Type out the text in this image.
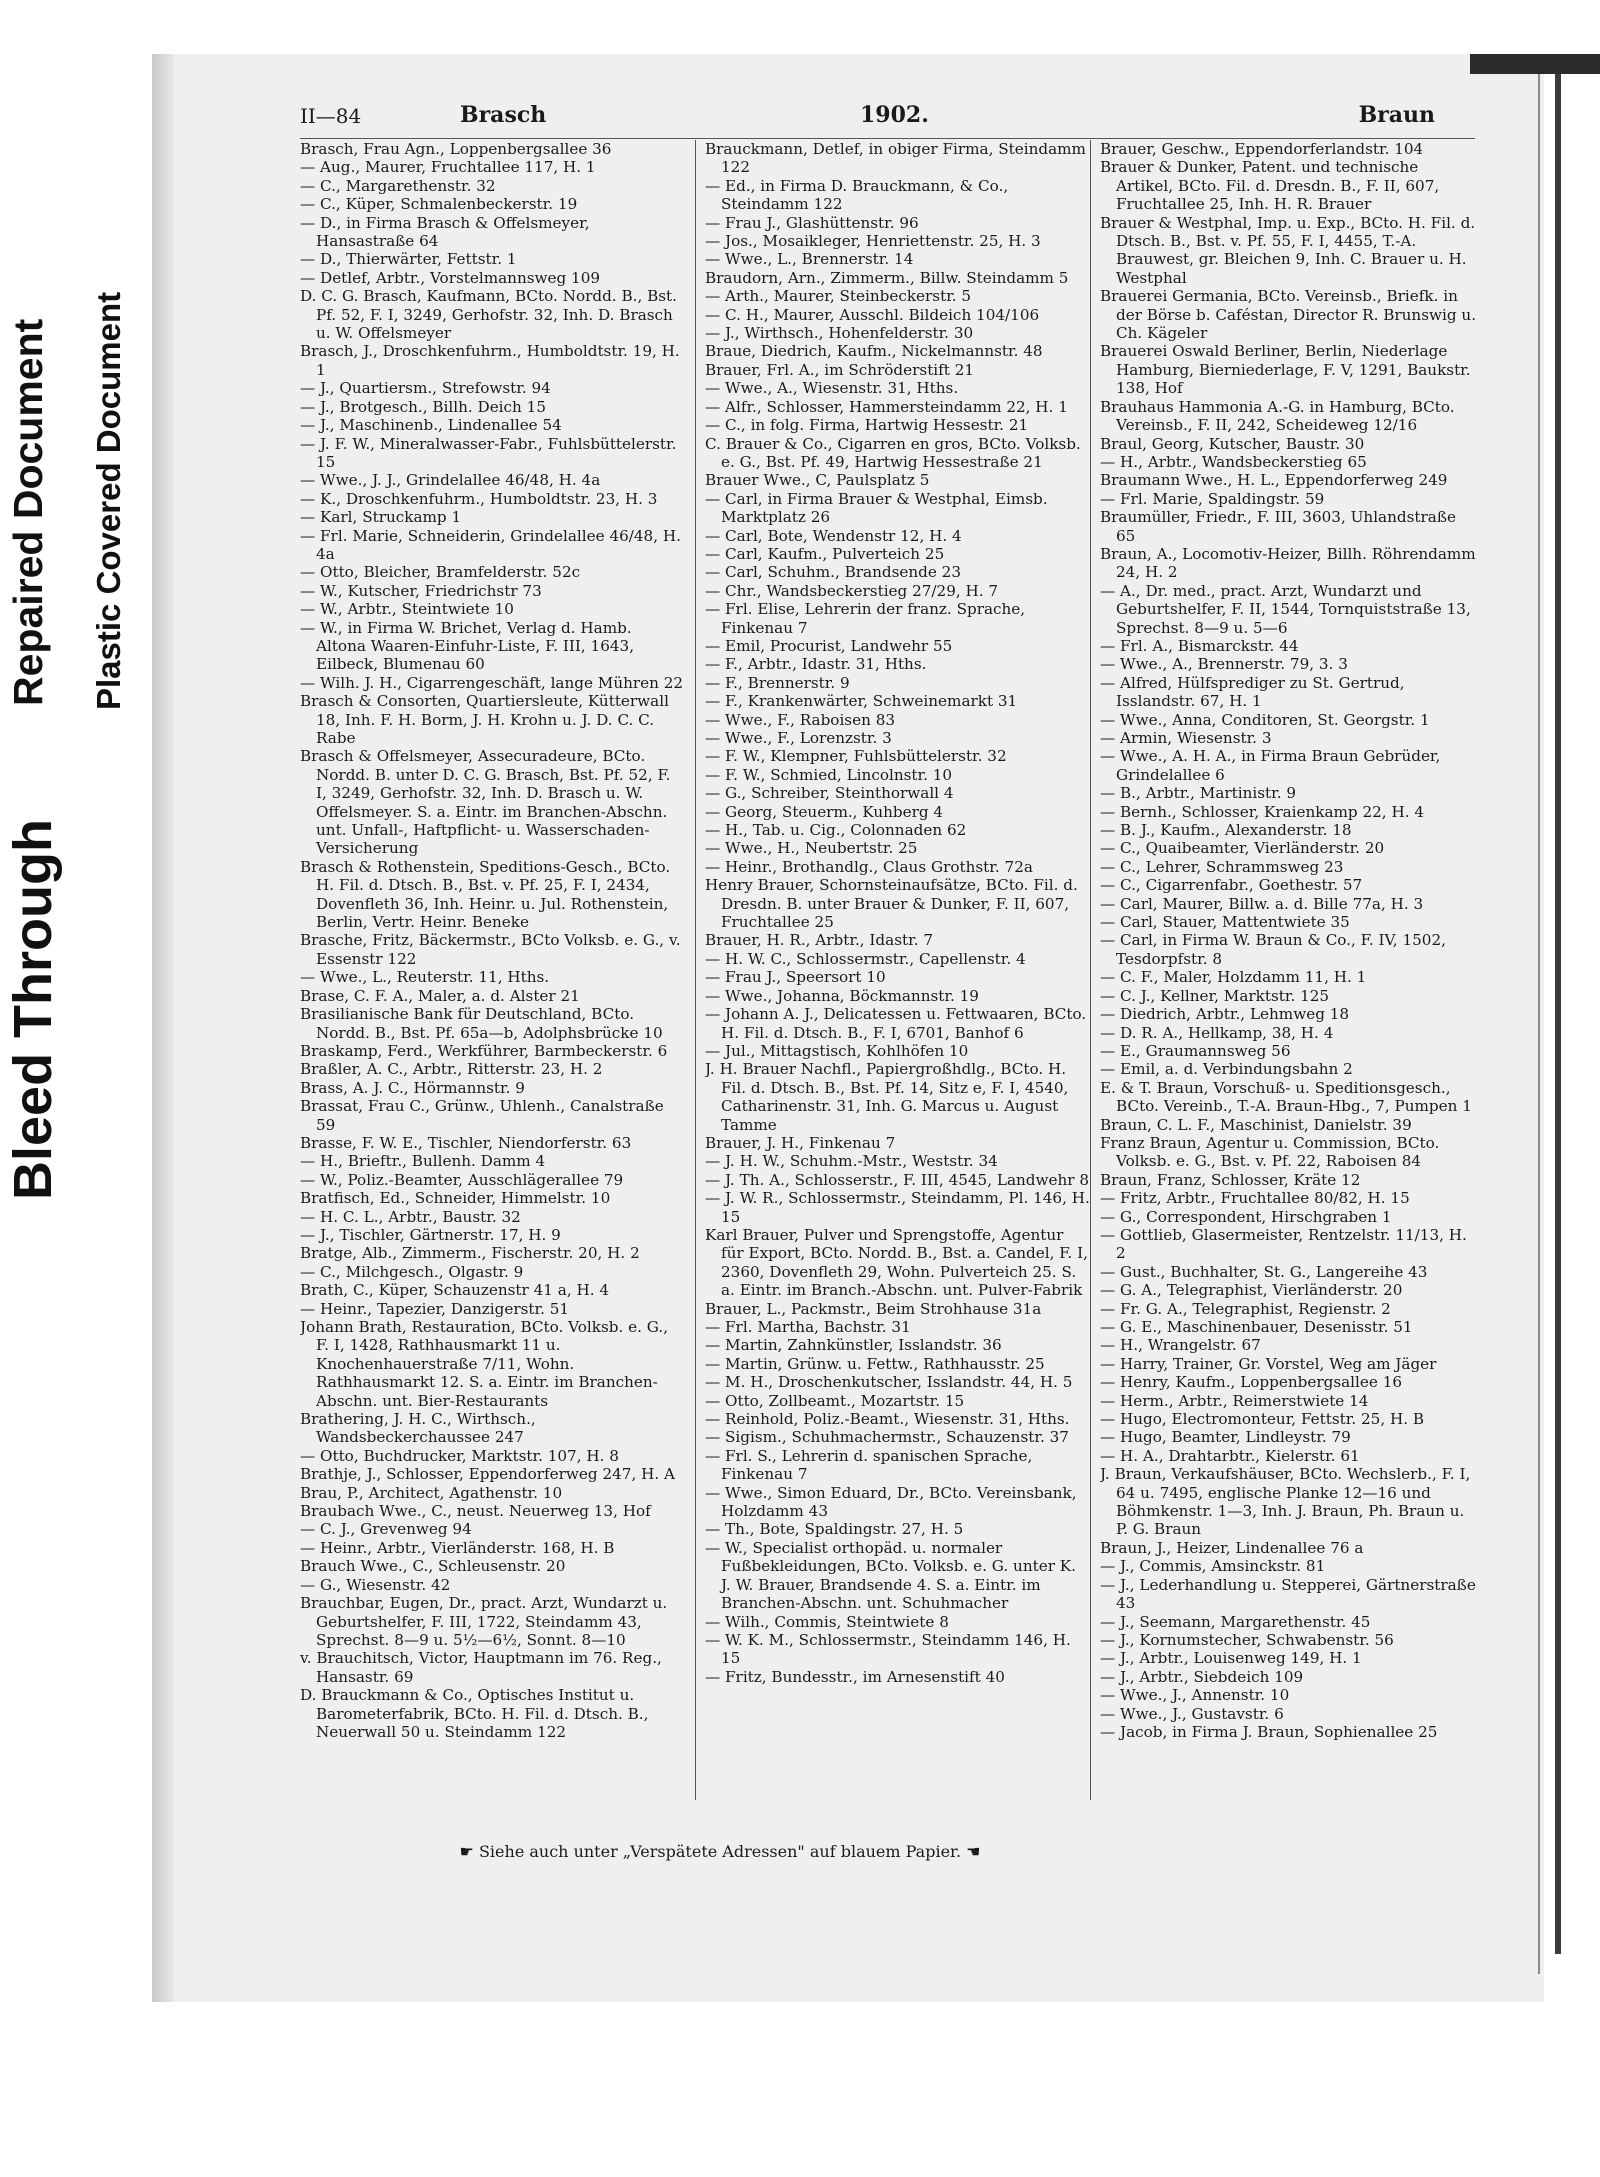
Bleed Through
Repaired Document Plastic Covered Document
II—84	Brasch	1902.	Braun

Brasch, Frau Agn., Loppenbergsallee 36

— Aug., Maurer, Fruchtallee 117, H. 1

— C., Margarethenstr. 32

— C., Küper, Schmalenbeckerstr. 19

— D., in Firma Brasch & Offelsmeyer, Hansastraße 64

— D., Thierwärter, Fettstr. 1

— Detlef, Arbtr., Vorstelmannsweg 109

D. C. G. Brasch, Kaufmann, BCto. Nordd. B., Bst. Pf. 52, F. I, 3249, Gerhofstr. 32, Inh. D. Brasch u. W. Offelsmeyer

Brasch, J., Droschkenfuhrm., Humboldtstr. 19, H. 1

— J., Quartiersm., Strefowstr. 94

— J., Brotgesch., Billh. Deich 15

— J., Maschinenb., Lindenallee 54

— J. F. W., Mineralwasser-Fabr., Fuhlsbüttelerstr. 15

— Wwe., J. J., Grindelallee 46/48, H. 4a

— K., Droschkenfuhrm., Humboldtstr. 23, H. 3

— Karl, Struckamp 1

— Frl. Marie, Schneiderin, Grindelallee 46/48, H. 4a

— Otto, Bleicher, Bramfelderstr. 52c

— W., Kutscher, Friedrichstr 73

— W., Arbtr., Steintwiete 10

— W., in Firma W. Brichet, Verlag d. Hamb. Altona Waaren-Einfuhr-Liste, F. III, 1643, Eilbeck, Blumenau 60

— Wilh. J. H., Cigarrengeschäft, lange Mühren 22

Brasch & Consorten, Quartiersleute, Kütterwall 18, Inh. F. H. Borm, J. H. Krohn u. J. D. C. C. Rabe

Brasch & Offelsmeyer, Assecuradeure, BCto. Nordd. B. unter D. C. G. Brasch, Bst. Pf. 52, F. I, 3249, Gerhofstr. 32, Inh. D. Brasch u. W. Offelsmeyer. S. a. Eintr. im Branchen-Abschn. unt. Unfall-, Haftpflicht- u. Wasserschaden-Versicherung

Brasch & Rothenstein, Speditions-Gesch., BCto. H. Fil. d. Dtsch. B., Bst. v. Pf. 25, F. I, 2434, Dovenfleth 36, Inh. Heinr. u. Jul. Rothenstein, Berlin, Vertr. Heinr. Beneke

Brasche, Fritz, Bäckermstr., BCto Volksb. e. G., v. Essenstr 122

— Wwe., L., Reuterstr. 11, Hths.

Brase, C. F. A., Maler, a. d. Alster 21

Brasilianische Bank für Deutschland, BCto. Nordd. B., Bst. Pf. 65a—b, Adolphsbrücke 10

Braskamp, Ferd., Werkführer, Barmbeckerstr. 6

Braßler, A. C., Arbtr., Ritterstr. 23, H. 2

Brass, A. J. C., Hörmannstr. 9

Brassat, Frau C., Grünw., Uhlenh., Canalstraße 59

Brasse, F. W. E., Tischler, Niendorferstr. 63

— H., Brieftr., Bullenh. Damm 4

— W., Poliz.-Beamter, Ausschlägerallee 79

Bratfisch, Ed., Schneider, Himmelstr. 10

— H. C. L., Arbtr., Baustr. 32

— J., Tischler, Gärtnerstr. 17, H. 9

Bratge, Alb., Zimmerm., Fischerstr. 20, H. 2

— C., Milchgesch., Olgastr. 9

Brath, C., Küper, Schauzenstr 41 a, H. 4

— Heinr., Tapezier, Danzigerstr. 51

Johann Brath, Restauration, BCto. Volksb. e. G., F. I, 1428, Rathhausmarkt 11 u. Knochenhauerstraße 7/11, Wohn. Rathhausmarkt 12. S. a. Eintr. im Branchen-Abschn. unt. Bier-Restaurants

Brathering, J. H. C., Wirthsch., Wandsbeckerchaussee 247

— Otto, Buchdrucker, Marktstr. 107, H. 8

Brathje, J., Schlosser, Eppendorferweg 247, H. A

Brau, P., Architect, Agathenstr. 10

Braubach Wwe., C., neust. Neuerweg 13, Hof

— C. J., Grevenweg 94

— Heinr., Arbtr., Vierländerstr. 168, H. B

Brauch Wwe., C., Schleusenstr. 20

— G., Wiesenstr. 42

Brauchbar, Eugen, Dr., pract. Arzt, Wundarzt u. Geburtshelfer, F. III, 1722, Steindamm 43, Sprechst. 8—9 u. 5½—6½, Sonnt. 8—10

v. Brauchitsch, Victor, Hauptmann im 76. Reg., Hansastr. 69

D. Brauckmann & Co., Optisches Institut u. Barometerfabrik, BCto. H. Fil. d. Dtsch. B., Neuerwall 50 u. Steindamm 122

Brauckmann, Detlef, in obiger Firma, Steindamm 122

— Ed., in Firma D. Brauckmann, & Co., Steindamm 122

— Frau J., Glashüttenstr. 96

— Jos., Mosaikleger, Henriettenstr. 25, H. 3

— Wwe., L., Brennerstr. 14

Braudorn, Arn., Zimmerm., Billw. Steindamm 5

— Arth., Maurer, Steinbeckerstr. 5

— C. H., Maurer, Ausschl. Bildeich 104/106

— J., Wirthsch., Hohenfelderstr. 30

Braue, Diedrich, Kaufm., Nickelmannstr. 48

Brauer, Frl. A., im Schröderstift 21

— Wwe., A., Wiesenstr. 31, Hths.

— Alfr., Schlosser, Hammersteindamm 22, H. 1

— C., in folg. Firma, Hartwig Hessestr. 21

C. Brauer & Co., Cigarren en gros, BCto. Volksb. e. G., Bst. Pf. 49, Hartwig Hessestraße 21

Brauer Wwe., C, Paulsplatz 5

— Carl, in Firma Brauer & Westphal, Eimsb. Marktplatz 26

— Carl, Bote, Wendenstr 12, H. 4

— Carl, Kaufm., Pulverteich 25

— Carl, Schuhm., Brandsende 23

— Chr., Wandsbeckerstieg 27/29, H. 7

— Frl. Elise, Lehrerin der franz. Sprache, Finkenau 7

— Emil, Procurist, Landwehr 55

— F., Arbtr., Idastr. 31, Hths.

— F., Brennerstr. 9

— F., Krankenwärter, Schweinemarkt 31

— Wwe., F., Raboisen 83

— Wwe., F., Lorenzstr. 3

— F. W., Klempner, Fuhlsbüttelerstr. 32

— F. W., Schmied, Lincolnstr. 10

— G., Schreiber, Steinthorwall 4

— Georg, Steuerm., Kuhberg 4

— H., Tab. u. Cig., Colonnaden 62

— Wwe., H., Neubertstr. 25

— Heinr., Brothandlg., Claus Grothstr. 72a

Henry Brauer, Schornsteinaufsätze, BCto. Fil. d. Dresdn. B. unter Brauer & Dunker, F. II, 607, Fruchtallee 25

Brauer, H. R., Arbtr., Idastr. 7

— H. W. C., Schlossermstr., Capellenstr. 4

— Frau J., Speersort 10

— Wwe., Johanna, Böckmannstr. 19

— Johann A. J., Delicatessen u. Fettwaaren, BCto. H. Fil. d. Dtsch. B., F. I, 6701, Banhof 6

— Jul., Mittagstisch, Kohlhöfen 10

J. H. Brauer Nachfl., Papiergroßhdlg., BCto. H. Fil. d. Dtsch. B., Bst. Pf. 14, Sitz e, F. I, 4540, Catharinenstr. 31, Inh. G. Marcus u. August Tamme

Brauer, J. H., Finkenau 7

— J. H. W., Schuhm.-Mstr., Weststr. 34

— J. Th. A., Schlosserstr., F. III, 4545, Landwehr 8

— J. W. R., Schlossermstr., Steindamm, Pl. 146, H. 15

Karl Brauer, Pulver und Sprengstoffe, Agentur für Export, BCto. Nordd. B., Bst. a. Candel, F. I, 2360, Dovenfleth 29, Wohn. Pulverteich 25. S. a. Eintr. im Branch.-Abschn. unt. Pulver-Fabrik

Brauer, L., Packmstr., Beim Strohhause 31a

— Frl. Martha, Bachstr. 31

— Martin, Zahnkünstler, Isslandstr. 36

— Martin, Grünw. u. Fettw., Rathhausstr. 25

— M. H., Droschenkutscher, Isslandstr. 44, H. 5

— Otto, Zollbeamt., Mozartstr. 15

— Reinhold, Poliz.-Beamt., Wiesenstr. 31, Hths.

— Sigism., Schuhmachermstr., Schauzenstr. 37

— Frl. S., Lehrerin d. spanischen Sprache, Finkenau 7

— Wwe., Simon Eduard, Dr., BCto. Vereinsbank, Holzdamm 43

— Th., Bote, Spaldingstr. 27, H. 5

— W., Specialist orthopäd. u. normaler Fußbekleidungen, BCto. Volksb. e. G. unter K. J. W. Brauer, Brandsende 4. S. a. Eintr. im Branchen-Abschn. unt. Schuhmacher

— Wilh., Commis, Steintwiete 8

— W. K. M., Schlossermstr., Steindamm 146, H. 15

— Fritz, Bundesstr., im Arnesenstift 40

Brauer, Geschw., Eppendorferlandstr. 104

Brauer & Dunker, Patent. und technische Artikel, BCto. Fil. d. Dresdn. B., F. II, 607, Fruchtallee 25, Inh. H. R. Brauer

Brauer & Westphal, Imp. u. Exp., BCto. H. Fil. d. Dtsch. B., Bst. v. Pf. 55, F. I, 4455, T.-A. Brauwest, gr. Bleichen 9, Inh. C. Brauer u. H. Westphal

Brauerei Germania, BCto. Vereinsb., Briefk. in der Börse b. Caféstan, Director R. Brunswig u. Ch. Kägeler

Brauerei Oswald Berliner, Berlin, Niederlage Hamburg, Bierniederlage, F. V, 1291, Baukstr. 138, Hof

Brauhaus Hammonia A.-G. in Hamburg, BCto. Vereinsb., F. II, 242, Scheideweg 12/16

Braul, Georg, Kutscher, Baustr. 30

— H., Arbtr., Wandsbeckerstieg 65

Braumann Wwe., H. L., Eppendorferweg 249

— Frl. Marie, Spaldingstr. 59

Braumüller, Friedr., F. III, 3603, Uhlandstraße 65

Braun, A., Locomotiv-Heizer, Billh. Röhrendamm 24, H. 2

— A., Dr. med., pract. Arzt, Wundarzt und Geburtshelfer, F. II, 1544, Tornquiststraße 13, Sprechst. 8—9 u. 5—6

— Frl. A., Bismarckstr. 44

— Wwe., A., Brennerstr. 79, 3. 3

— Alfred, Hülfsprediger zu St. Gertrud, Isslandstr. 67, H. 1

— Wwe., Anna, Conditoren, St. Georgstr. 1

— Armin, Wiesenstr. 3

— Wwe., A. H. A., in Firma Braun Gebrüder, Grindelallee 6

— B., Arbtr., Martinistr. 9

— Bernh., Schlosser, Kraienkamp 22, H. 4

— B. J., Kaufm., Alexanderstr. 18

— C., Quaibeamter, Vierländerstr. 20

— C., Lehrer, Schrammsweg 23

— C., Cigarrenfabr., Goethestr. 57

— Carl, Maurer, Billw. a. d. Bille 77a, H. 3

— Carl, Stauer, Mattentwiete 35

— Carl, in Firma W. Braun & Co., F. IV, 1502, Tesdorpfstr. 8

— C. F., Maler, Holzdamm 11, H. 1

— C. J., Kellner, Marktstr. 125

— Diedrich, Arbtr., Lehmweg 18

— D. R. A., Hellkamp, 38, H. 4

— E., Graumannsweg 56

— Emil, a. d. Verbindungsbahn 2

E. & T. Braun, Vorschuß- u. Speditionsgesch., BCto. Vereinb., T.-A. Braun-Hbg., 7, Pumpen 1

Braun, C. L. F., Maschinist, Danielstr. 39

Franz Braun, Agentur u. Commission, BCto. Volksb. e. G., Bst. v. Pf. 22, Raboisen 84

Braun, Franz, Schlosser, Kräte 12

— Fritz, Arbtr., Fruchtallee 80/82, H. 15

— G., Correspondent, Hirschgraben 1

— Gottlieb, Glasermeister, Rentzelstr. 11/13, H. 2

— Gust., Buchhalter, St. G., Langereihe 43

— G. A., Telegraphist, Vierländerstr. 20

— Fr. G. A., Telegraphist, Regienstr. 2

— G. E., Maschinenbauer, Desenisstr. 51

— H., Wrangelstr. 67

— Harry, Trainer, Gr. Vorstel, Weg am Jäger

— Henry, Kaufm., Loppenbergsallee 16

— Herm., Arbtr., Reimerstwiete 14

— Hugo, Electromonteur, Fettstr. 25, H. B

— Hugo, Beamter, Lindleystr. 79

— H. A., Drahtarbtr., Kielerstr. 61

J. Braun, Verkaufshäuser, BCto. Wechslerb., F. I, 64 u. 7495, englische Planke 12—16 und Böhmkenstr. 1—3, Inh. J. Braun, Ph. Braun u. P. G. Braun

Braun, J., Heizer, Lindenallee 76 a

— J., Commis, Amsinckstr. 81

— J., Lederhandlung u. Stepperei, Gärtnerstraße 43

— J., Seemann, Margarethenstr. 45

— J., Kornumstecher, Schwabenstr. 56

— J., Arbtr., Louisenweg 149, H. 1

— J., Arbtr., Siebdeich 109

— Wwe., J., Annenstr. 10

— Wwe., J., Gustavstr. 6

— Jacob, in Firma J. Braun, Sophienallee 25

☛ Siehe auch unter „Verspätete Adressen" auf blauem Papier. ☚
